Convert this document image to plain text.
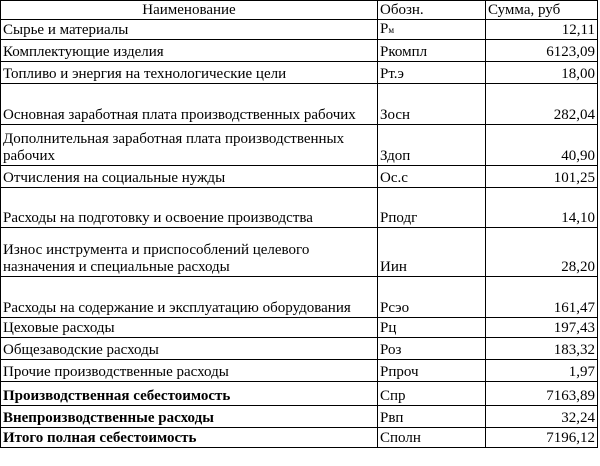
Наименование	Обозн.	Сумма, руб
Сырье и материалы	Рм	12,11
Комплектующие изделия	Ркомпл	6123,09
Топливо и энергия на технологические цели	Рт.э	18,00
Основная заработная плата производственных рабочих	Зосн	282,04
Дополнительная заработная плата производственных рабочих	Здоп	40,90
Отчисления на социальные нужды	Ос.с	101,25
Расходы на подготовку и освоение производства	Рподг	14,10
Износ инструмента и приспособлений целевого назначения и специальные расходы	Иин	28,20
Расходы на содержание и эксплуатацию оборудования	Рсэо	161,47
Цеховые расходы	Рц	197,43
Общезаводские расходы	Роз	183,32
Прочие производственные расходы	Рпроч	1,97
Производственная себестоимость	Спр	7163,89
Внепроизводственные расходы	Рвп	32,24
Итого полная себестоимость	Сполн	7196,12
